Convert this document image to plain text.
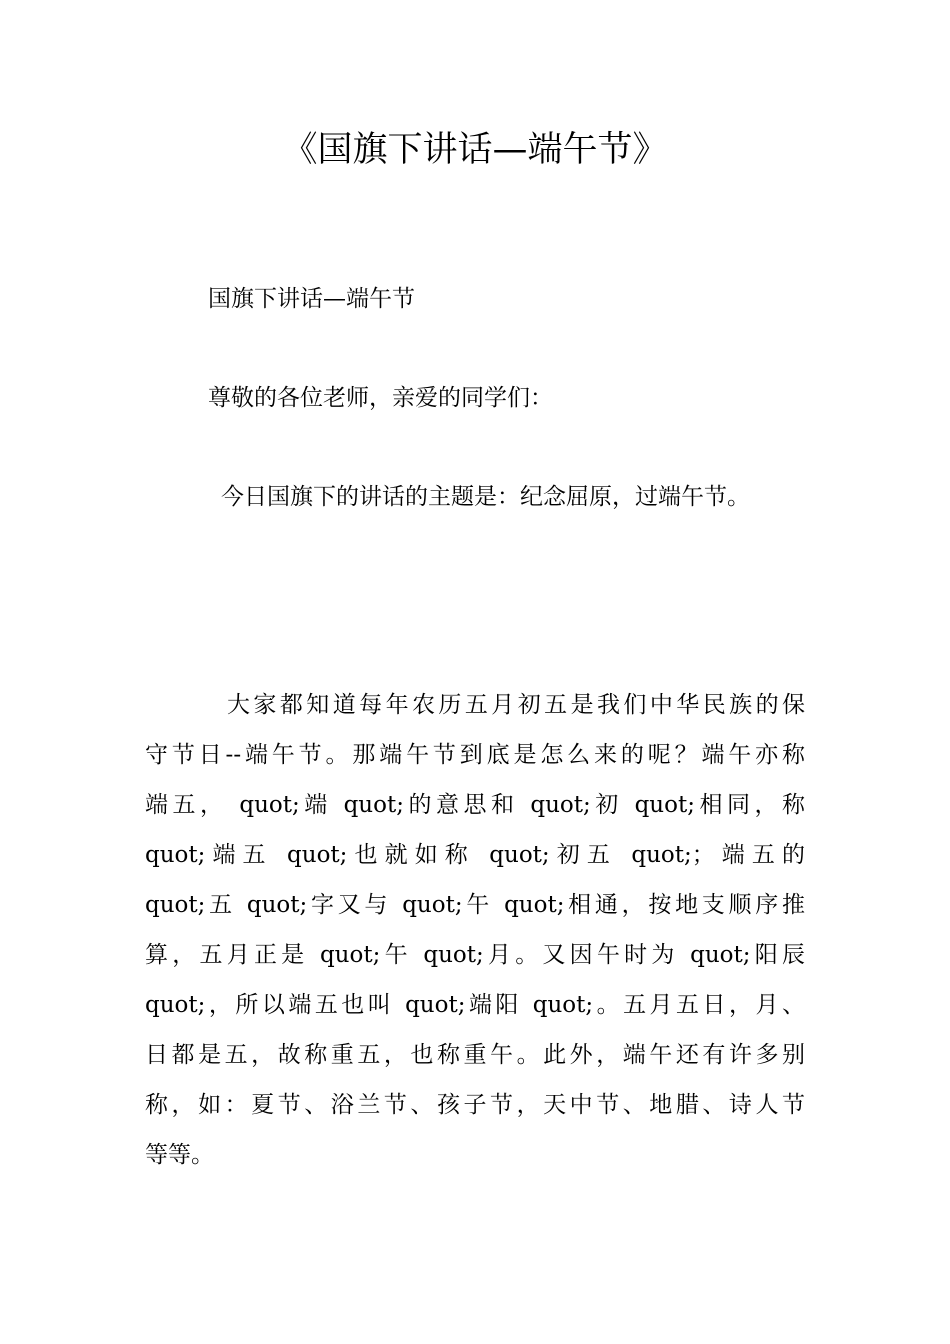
《国旗下讲话—端午节》

国旗下讲话—端午节

尊敬的各位老师，亲爱的同学们：

今日国旗下的讲话的主题是：纪念屈原，过端午节。

大家都知道每年农历五月初五是我们中华民族的保
守节日--端午节。那端午节到底是怎么来的呢？端午亦称
端五， quot;端 quot;的意思和 quot;初 quot;相同，称
quot;端五 quot;也就如称 quot;初五 quot;；端五的
quot;五 quot;字又与 quot;午 quot;相通，按地支顺序推
算，五月正是 quot;午 quot;月。又因午时为 quot;阳辰
quot;，所以端五也叫 quot;端阳 quot;。五月五日，月、
日都是五，故称重五，也称重午。此外，端午还有许多别
称，如：夏节、浴兰节、孩子节，天中节、地腊、诗人节
等等。
